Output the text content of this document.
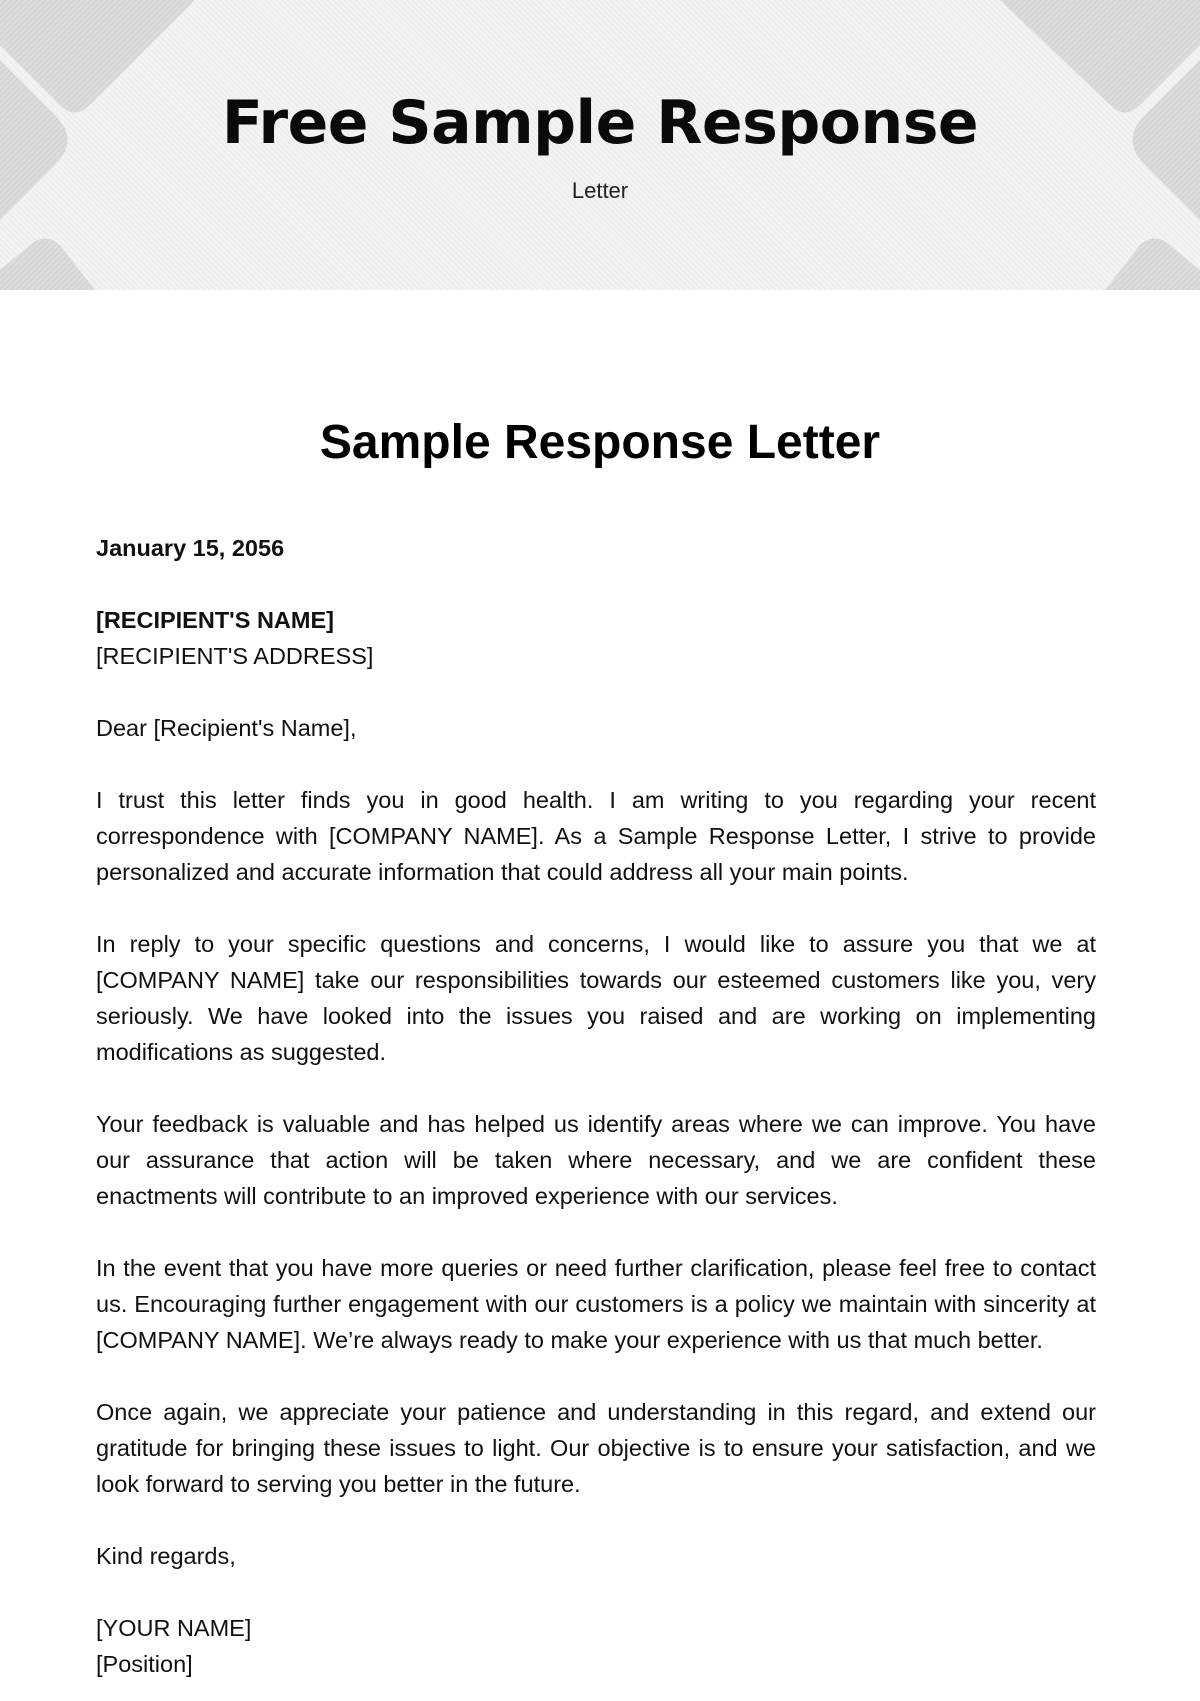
Free Sample Response
Letter
Sample Response Letter

January 15, 2056

[RECIPIENT'S NAME]
[RECIPIENT'S ADDRESS]

Dear [Recipient's Name],

I trust this letter finds you in good health. I am writing to you regarding your recent correspondence with [COMPANY NAME]. As a Sample Response Letter, I strive to provide personalized and accurate information that could address all your main points.

In reply to your specific questions and concerns, I would like to assure you that we at [COMPANY NAME] take our responsibilities towards our esteemed customers like you, very seriously. We have looked into the issues you raised and are working on implementing modifications as suggested.

Your feedback is valuable and has helped us identify areas where we can improve. You have our assurance that action will be taken where necessary, and we are confident these enactments will contribute to an improved experience with our services.

In the event that you have more queries or need further clarification, please feel free to contact us. Encouraging further engagement with our customers is a policy we maintain with sincerity at [COMPANY NAME]. We’re always ready to make your experience with us that much better.

Once again, we appreciate your patience and understanding in this regard, and extend our gratitude for bringing these issues to light. Our objective is to ensure your satisfaction, and we look forward to serving you better in the future.

Kind regards,

[YOUR NAME]
[Position]
